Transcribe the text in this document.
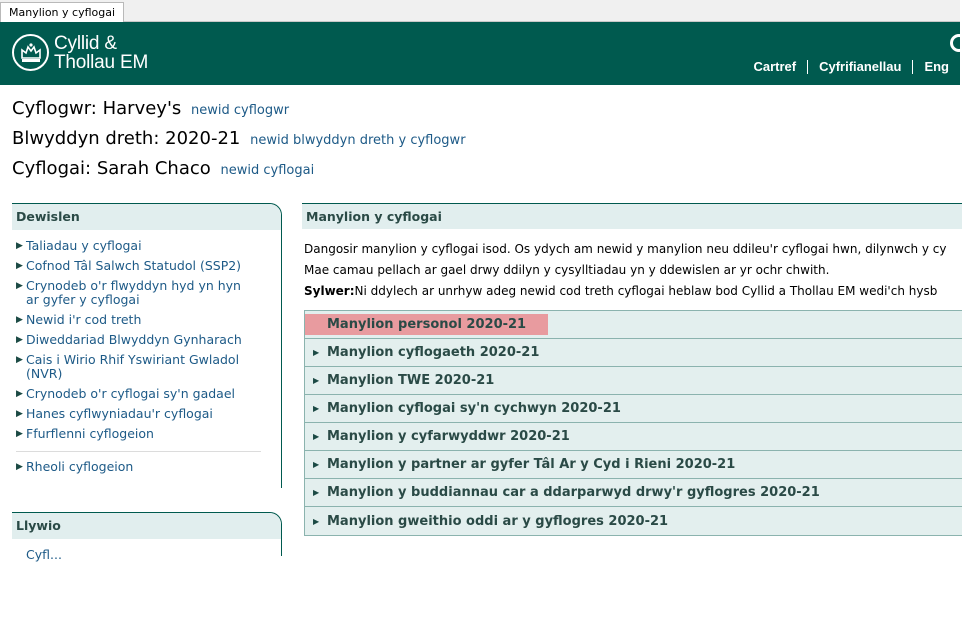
Manylion y cyflogai
Cyllid &
Thollau EM	Cartref	Cyfrifianellau	Eng
Cyflogwr: Harvey's newid cyflogwr
Blwyddyn dreth: 2020-21 newid blwyddyn dreth y cyflogwr
Cyflogai: Sarah Chaco newid cyflogai
Dewislen
▶ Taliadau y cyflogai
▶ Cofnod Tâl Salwch Statudol (SSP2)
▶ Crynodeb o'r flwyddyn hyd yn hyn ar gyfer y cyflogai
▶ Newid i'r cod treth
▶ Diweddariad Blwyddyn Gynharach
▶ Cais i Wirio Rhif Yswiriant Gwladol (NVR)
▶ Crynodeb o'r cyflogai sy'n gadael
▶ Hanes cyflwyniadau'r cyflogai
▶ Ffurflenni cyflogeion
▶ Rheoli cyflogeion
Llywio
Cyfl...
Manylion y cyflogai
Dangosir manylion y cyflogai isod. Os ydych am newid y manylion neu ddileu'r cyflogai hwn, dilynwch y cy
Mae camau pellach ar gael drwy ddilyn y cysylltiadau yn y ddewislen ar yr ochr chwith.
Sylwer:Ni ddylech ar unrhyw adeg newid cod treth cyflogai heblaw bod Cyllid a Thollau EM wedi'ch hysb
Manylion personol 2020-21
▶ Manylion cyflogaeth 2020-21
▶ Manylion TWE 2020-21
▶ Manylion cyflogai sy'n cychwyn 2020-21
▶ Manylion y cyfarwyddwr 2020-21
▶ Manylion y partner ar gyfer Tâl Ar y Cyd i Rieni 2020-21
▶ Manylion y buddiannau car a ddarparwyd drwy'r gyflogres 2020-21
▶ Manylion gweithio oddi ar y gyflogres 2020-21
